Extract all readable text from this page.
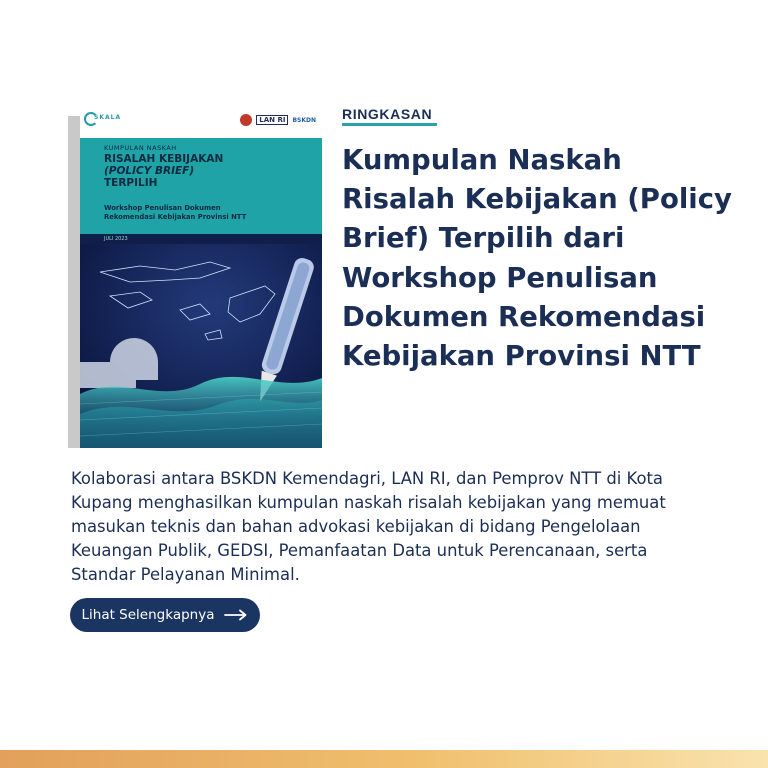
SKALA	LAN RI	BSKDN
KUMPULAN NASKAH
RISALAH KEBIJAKAN
(POLICY BRIEF)
TERPILIH
Workshop Penulisan Dokumen
Rekomendasi Kebijakan Provinsi NTT
JULI 2023
RINGKASAN
Kumpulan Naskah Risalah Kebijakan (Policy Brief) Terpilih dari Workshop Penulisan Dokumen Rekomendasi Kebijakan Provinsi NTT

Kolaborasi antara BSKDN Kemendagri, LAN RI, dan Pemprov NTT di Kota Kupang menghasilkan kumpulan naskah risalah kebijakan yang memuat masukan teknis dan bahan advokasi kebijakan di bidang Pengelolaan Keuangan Publik, GEDSI, Pemanfaatan Data untuk Perencanaan, serta Standar Pelayanan Minimal.

Lihat Selengkapnya
